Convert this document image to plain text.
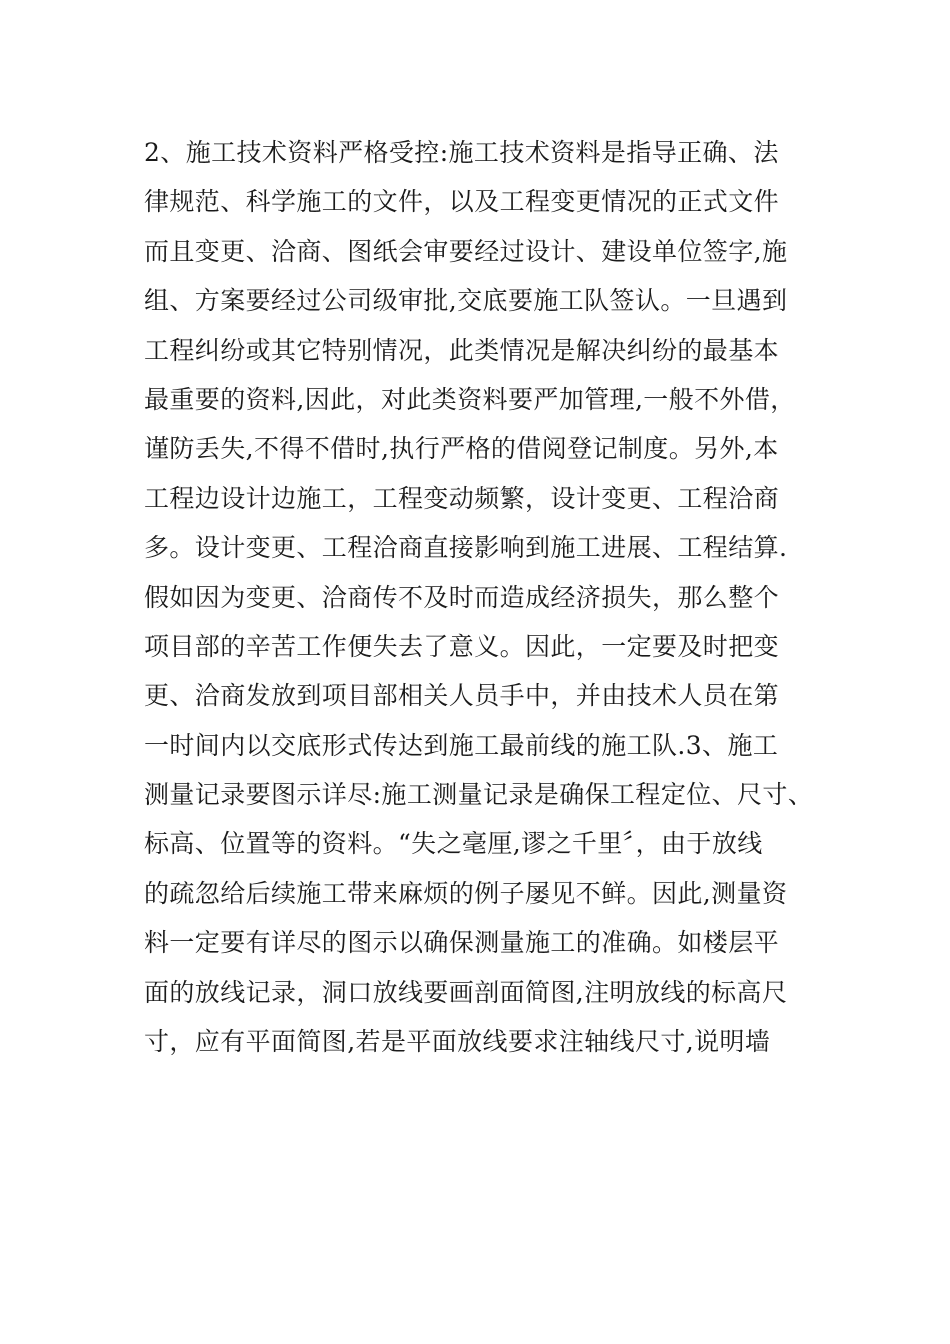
2、施工技术资料严格受控:施工技术资料是指导正确、法
律规范、科学施工的文件，以及工程变更情况的正式文件
而且变更、洽商、图纸会审要经过设计、建设单位签字,施
组、方案要经过公司级审批,交底要施工队签认。一旦遇到
工程纠纷或其它特别情况，此类情况是解决纠纷的最基本
最重要的资料,因此，对此类资料要严加管理,一般不外借，
谨防丢失,不得不借时,执行严格的借阅登记制度。另外,本
工程边设计边施工，工程变动频繁，设计变更、工程洽商
多。设计变更、工程洽商直接影响到施工进展、工程结算.
假如因为变更、洽商传不及时而造成经济损失，那么整个
项目部的辛苦工作便失去了意义。因此，一定要及时把变
更、洽商发放到项目部相关人员手中，并由技术人员在第
一时间内以交底形式传达到施工最前线的施工队.3、施工
测量记录要图示详尽:施工测量记录是确保工程定位、尺寸、
标高、位置等的资料。“失之毫厘,谬之千里〞，由于放线
的疏忽给后续施工带来麻烦的例子屡见不鲜。因此,测量资
料一定要有详尽的图示以确保测量施工的准确。如楼层平
面的放线记录，洞口放线要画剖面简图,注明放线的标高尺
寸，应有平面简图,若是平面放线要求注轴线尺寸,说明墙
